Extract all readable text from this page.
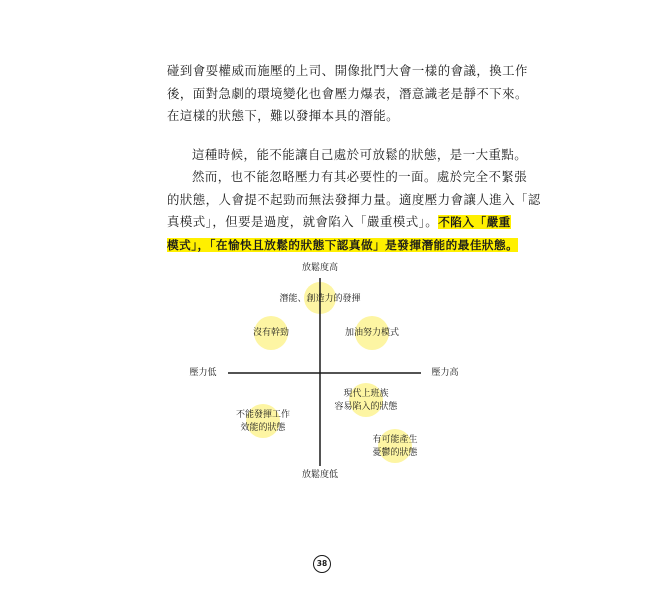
碰到會耍權威而施壓的上司、開像批鬥大會一樣的會議，換工作
後，面對急劇的環境變化也會壓力爆表，潛意識老是靜不下來。
在這樣的狀態下，難以發揮本具的潛能。
這種時候，能不能讓自己處於可放鬆的狀態，是一大重點。
然而，也不能忽略壓力有其必要性的一面。處於完全不緊張
的狀態，人會提不起勁而無法發揮力量。適度壓力會讓人進入「認
真模式」，但要是過度，就會陷入「嚴重模式」。不陷入「嚴重
模式」，「在愉快且放鬆的狀態下認真做」是發揮潛能的最佳狀態。
放鬆度高
放鬆度低
壓力低	壓力高
潛能、創造力的發揮
沒有幹勁	加油努力模式
現代上班族
容易陷入的狀態
不能發揮工作
效能的狀態
有可能產生
憂鬱的狀態
38
